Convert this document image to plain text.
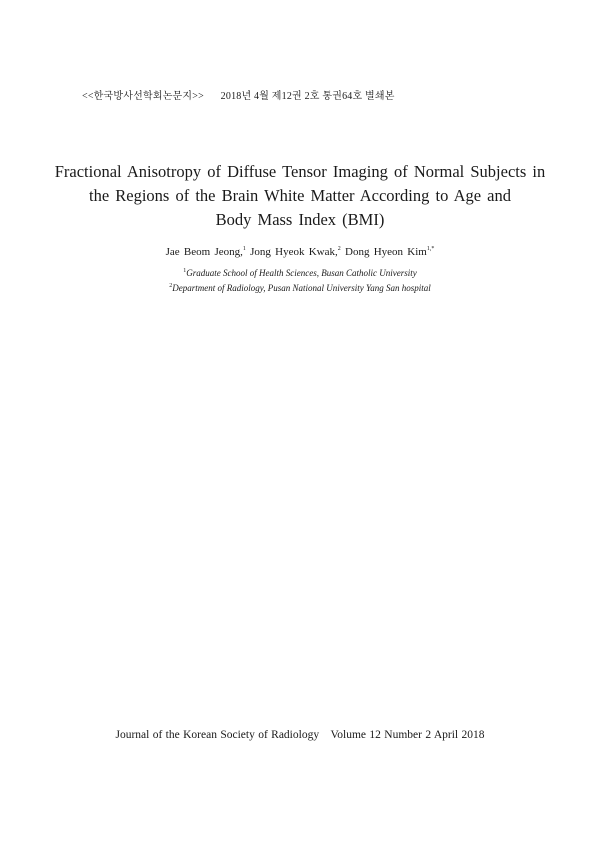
<<한국방사선학회논문지>> 2018년 4월 제12권 2호 통권64호 별쇄본
Fractional Anisotropy of Diffuse Tensor Imaging of Normal Subjects in
the Regions of the Brain White Matter According to Age and
Body Mass Index (BMI)
Jae Beom Jeong,$^1$ Jong Hyeok Kwak,$^2$ Dong Hyeon Kim$^{1,*}$
$^1$Graduate School of Health Sciences, Busan Catholic University
$^2$Department of Radiology, Pusan National University Yang San hospital
Journal of the Korean Society of Radiology Volume 12 Number 2 April 2018
